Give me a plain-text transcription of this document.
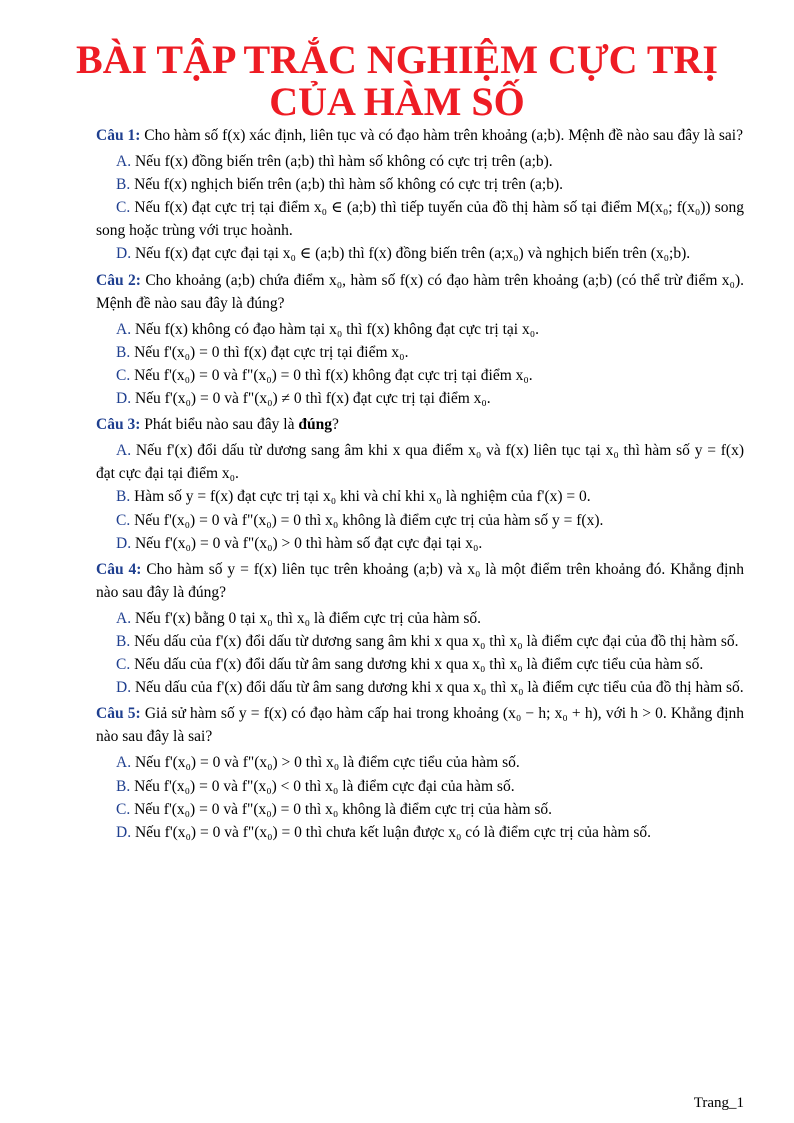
BÀI TẬP TRẮC NGHIỆM CỰC TRỊ
CỦA HÀM SỐ

Câu 1: Cho hàm số f(x) xác định, liên tục và có đạo hàm trên khoảng (a;b). Mệnh đề nào sau đây là sai?

A. Nếu f(x) đồng biến trên (a;b) thì hàm số không có cực trị trên (a;b).

B. Nếu f(x) nghịch biến trên (a;b) thì hàm số không có cực trị trên (a;b).

C. Nếu f(x) đạt cực trị tại điểm x₀ ∈ (a;b) thì tiếp tuyến của đồ thị hàm số tại điểm M(x₀; f(x₀)) song song hoặc trùng với trục hoành.

D. Nếu f(x) đạt cực đại tại x₀ ∈ (a;b) thì f(x) đồng biến trên (a;x₀) và nghịch biến trên (x₀;b).

Câu 2: Cho khoảng (a;b) chứa điểm x₀, hàm số f(x) có đạo hàm trên khoảng (a;b) (có thể trừ điểm x₀). Mệnh đề nào sau đây là đúng?

A. Nếu f(x) không có đạo hàm tại x₀ thì f(x) không đạt cực trị tại x₀.

B. Nếu f'(x₀) = 0 thì f(x) đạt cực trị tại điểm x₀.

C. Nếu f'(x₀) = 0 và f"(x₀) = 0 thì f(x) không đạt cực trị tại điểm x₀.

D. Nếu f'(x₀) = 0 và f"(x₀) ≠ 0 thì f(x) đạt cực trị tại điểm x₀.

Câu 3: Phát biểu nào sau đây là đúng?

A. Nếu f'(x) đổi dấu từ dương sang âm khi x qua điểm x₀ và f(x) liên tục tại x₀ thì hàm số y = f(x) đạt cực đại tại điểm x₀.

B. Hàm số y = f(x) đạt cực trị tại x₀ khi và chỉ khi x₀ là nghiệm của f'(x) = 0.

C. Nếu f'(x₀) = 0 và f"(x₀) = 0 thì x₀ không là điểm cực trị của hàm số y = f(x).

D. Nếu f'(x₀) = 0 và f"(x₀) > 0 thì hàm số đạt cực đại tại x₀.

Câu 4: Cho hàm số y = f(x) liên tục trên khoảng (a;b) và x₀ là một điểm trên khoảng đó. Khẳng định nào sau đây là đúng?

A. Nếu f'(x) bằng 0 tại x₀ thì x₀ là điểm cực trị của hàm số.

B. Nếu dấu của f'(x) đổi dấu từ dương sang âm khi x qua x₀ thì x₀ là điểm cực đại của đồ thị hàm số.

C. Nếu dấu của f'(x) đổi dấu từ âm sang dương khi x qua x₀ thì x₀ là điểm cực tiểu của hàm số.

D. Nếu dấu của f'(x) đổi dấu từ âm sang dương khi x qua x₀ thì x₀ là điểm cực tiểu của đồ thị hàm số.

Câu 5: Giả sử hàm số y = f(x) có đạo hàm cấp hai trong khoảng (x₀ − h; x₀ + h), với h > 0. Khẳng định nào sau đây là sai?

A. Nếu f'(x₀) = 0 và f"(x₀) > 0 thì x₀ là điểm cực tiểu của hàm số.

B. Nếu f'(x₀) = 0 và f"(x₀) < 0 thì x₀ là điểm cực đại của hàm số.

C. Nếu f'(x₀) = 0 và f"(x₀) = 0 thì x₀ không là điểm cực trị của hàm số.

D. Nếu f'(x₀) = 0 và f"(x₀) = 0 thì chưa kết luận được x₀ có là điểm cực trị của hàm số.

Trang_1
